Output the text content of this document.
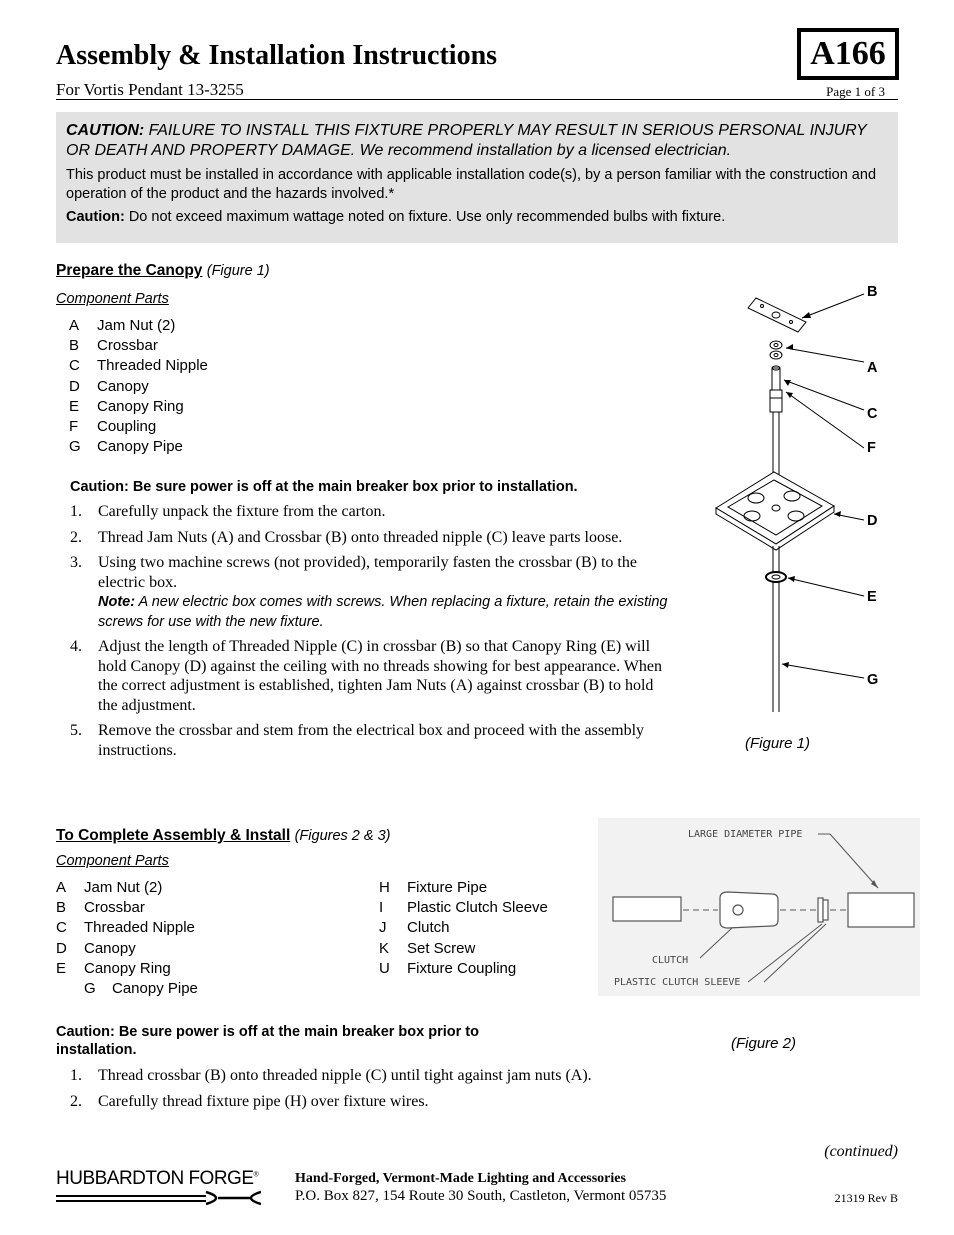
Assembly & Installation Instructions	A166
For Vortis Pendant 13-3255	Page 1 of 3
CAUTION: FAILURE TO INSTALL THIS FIXTURE PROPERLY MAY RESULT IN SERIOUS PERSONAL INJURY OR DEATH AND PROPERTY DAMAGE. We recommend installation by a licensed electrician.
This product must be installed in accordance with applicable installation code(s), by a person familiar with the construction and operation of the product and the hazards involved.*
Caution: Do not exceed maximum wattage noted on fixture. Use only recommended bulbs with fixture.
Prepare the Canopy (Figure 1)
Component Parts
A	Jam Nut (2)
B	Crossbar
C	Threaded Nipple
D	Canopy
E	Canopy Ring
F	Coupling
G	Canopy Pipe
Caution: Be sure power is off at the main breaker box prior to installation.
1.	Carefully unpack the fixture from the carton.
2.	Thread Jam Nuts (A) and Crossbar (B) onto threaded nipple (C) leave parts loose.
3.	Using two machine screws (not provided), temporarily fasten the crossbar (B) to the electric box.
Note: A new electric box comes with screws. When replacing a fixture, retain the existing screws for use with the new fixture.
4.	Adjust the length of Threaded Nipple (C) in crossbar (B) so that Canopy Ring (E) will hold Canopy (D) against the ceiling with no threads showing for best appearance. When the correct adjustment is established, tighten Jam Nuts (A) against crossbar (B) to hold the adjustment.
5.	Remove the crossbar and stem from the electrical box and proceed with the assembly instructions.
B
A
C
F
D
E
G
(Figure 1)
To Complete Assembly & Install (Figures 2 & 3)
Component Parts
A	Jam Nut (2)
B	Crossbar
C	Threaded Nipple
D	Canopy
E	Canopy Ring
G	Canopy Pipe
H	Fixture Pipe
I	Plastic Clutch Sleeve
J	Clutch
K	Set Screw
U	Fixture Coupling
Caution: Be sure power is off at the main breaker box prior to installation.
1.	Thread crossbar (B) onto threaded nipple (C) until tight against jam nuts (A).
2.	Carefully thread fixture pipe (H) over fixture wires.
LARGE DIAMETER PIPE
CLUTCH
PLASTIC CLUTCH SLEEVE
(Figure 2)
(continued)
HUBBARDTON FORGE®	Hand-Forged, Vermont-Made Lighting and Accessories
P.O. Box 827, 154 Route 30 South, Castleton, Vermont 05735	21319 Rev B
